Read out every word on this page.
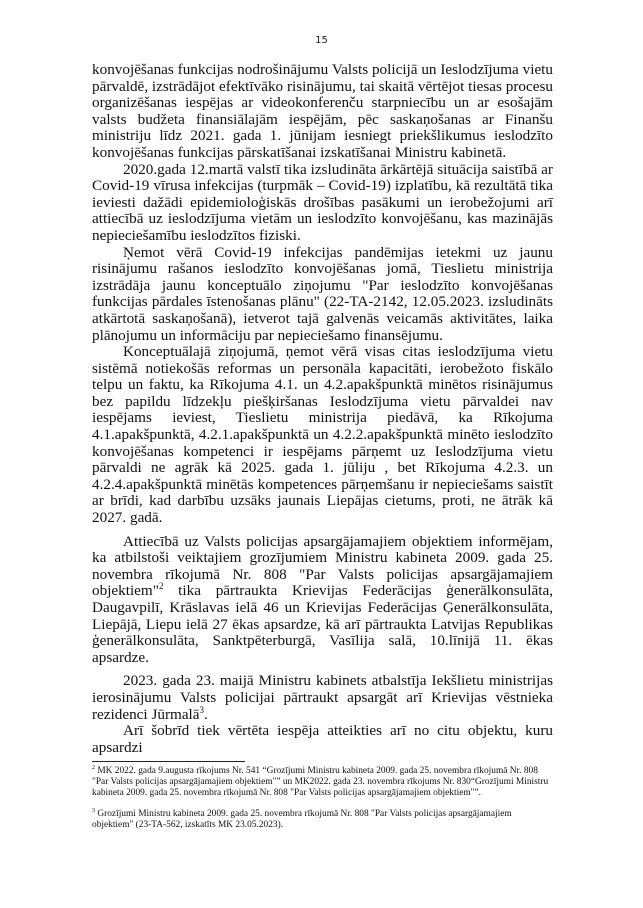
15

konvojēšanas funkcijas nodrošinājumu Valsts policijā un Ieslodzījuma vietu pārvaldē, izstrādājot efektīvāko risinājumu, tai skaitā vērtējot tiesas procesu organizēšanas iespējas ar videokonferenču starpniecību un ar esošajām valsts budžeta finansiālajām iespējām, pēc saskaņošanas ar Finanšu ministriju līdz 2021. gada 1. jūnijam iesniegt priekšlikumus ieslodzīto konvojēšanas funkcijas pārskatīšanai izskatīšanai Ministru kabinetā.

2020.gada 12.martā valstī tika izsludināta ārkārtējā situācija saistībā ar Covid-19 vīrusa infekcijas (turpmāk – Covid-19) izplatību, kā rezultātā tika ieviesti dažādi epidemioloģiskās drošības pasākumi un ierobežojumi arī attiecībā uz ieslodzījuma vietām un ieslodzīto konvojēšanu, kas mazinājās nepieciešamību ieslodzītos fiziski.

Ņemot vērā Covid-19 infekcijas pandēmijas ietekmi uz jaunu risinājumu rašanos ieslodzīto konvojēšanas jomā, Tieslietu ministrija izstrādāja jaunu konceptuālo ziņojumu "Par ieslodzīto konvojēšanas funkcijas pārdales īstenošanas plānu" (22-TA-2142, 12.05.2023. izsludināts atkārtotā saskaņošanā), ietverot tajā galvenās veicamās aktivitātes, laika plānojumu un informāciju par nepieciešamo finansējumu.

Konceptuālajā ziņojumā, ņemot vērā visas citas ieslodzījuma vietu sistēmā notiekošās reformas un personāla kapacitāti, ierobežoto fiskālo telpu un faktu, ka Rīkojuma 4.1. un 4.2.apakšpunktā minētos risinājumus bez papildu līdzekļu piešķiršanas Ieslodzījuma vietu pārvaldei nav iespējams ieviest, Tieslietu ministrija piedāvā, ka Rīkojuma 4.1.apakšpunktā, 4.2.1.apakšpunktā un 4.2.2.apakšpunktā minēto ieslodzīto konvojēšanas kompetenci ir iespējams pārņemt uz Ieslodzījuma vietu pārvaldi ne agrāk kā 2025. gada 1. jūliju , bet Rīkojuma 4.2.3. un 4.2.4.apakšpunktā minētās kompetences pārņemšanu ir nepieciešams saistīt ar brīdi, kad darbību uzsāks jaunais Liepājas cietums, proti, ne ātrāk kā 2027. gadā.

Attiecībā uz Valsts policijas apsargājamajiem objektiem informējam, ka atbilstoši veiktajiem grozījumiem Ministru kabineta 2009. gada 25. novembra rīkojumā Nr. 808 "Par Valsts policijas apsargājamajiem objektiem"$^2$ tika pārtraukta Krievijas Federācijas ģenerālkonsulāta, Daugavpilī, Krāslavas ielā 46 un Krievijas Federācijas Ģenerālkonsulāta, Liepājā, Liepu ielā 27 ēkas apsardze, kā arī pārtraukta Latvijas Republikas ģenerālkonsulāta, Sanktpēterburgā, Vasīlija salā, 10.līnijā 11. ēkas apsardze.

2023. gada 23. maijā Ministru kabinets atbalstīja Iekšlietu ministrijas ierosinājumu Valsts policijai pārtraukt apsargāt arī Krievijas vēstnieka rezidenci Jūrmalā$^3$.

Arī šobrīd tiek vērtēta iespēja atteikties arī no citu objektu, kuru apsardzi

$^2$ MK 2022. gada 9.augusta rīkojums Nr. 541 “Grozījumi Ministru kabineta 2009. gada 25. novembra rīkojumā Nr. 808 "Par Valsts policijas apsargājamajiem objektiem"” un MK2022. gada 23. novembra rīkojums Nr. 830“Grozījumi Ministru kabineta 2009. gada 25. novembra rīkojumā Nr. 808 "Par Valsts policijas apsargājamajiem objektiem"”.

$^3$ Grozījumi Ministru kabineta 2009. gada 25. novembra rīkojumā Nr. 808 "Par Valsts policijas apsargājamajiem objektiem" (23-TA-562, izskatīts MK 23.05.2023).
